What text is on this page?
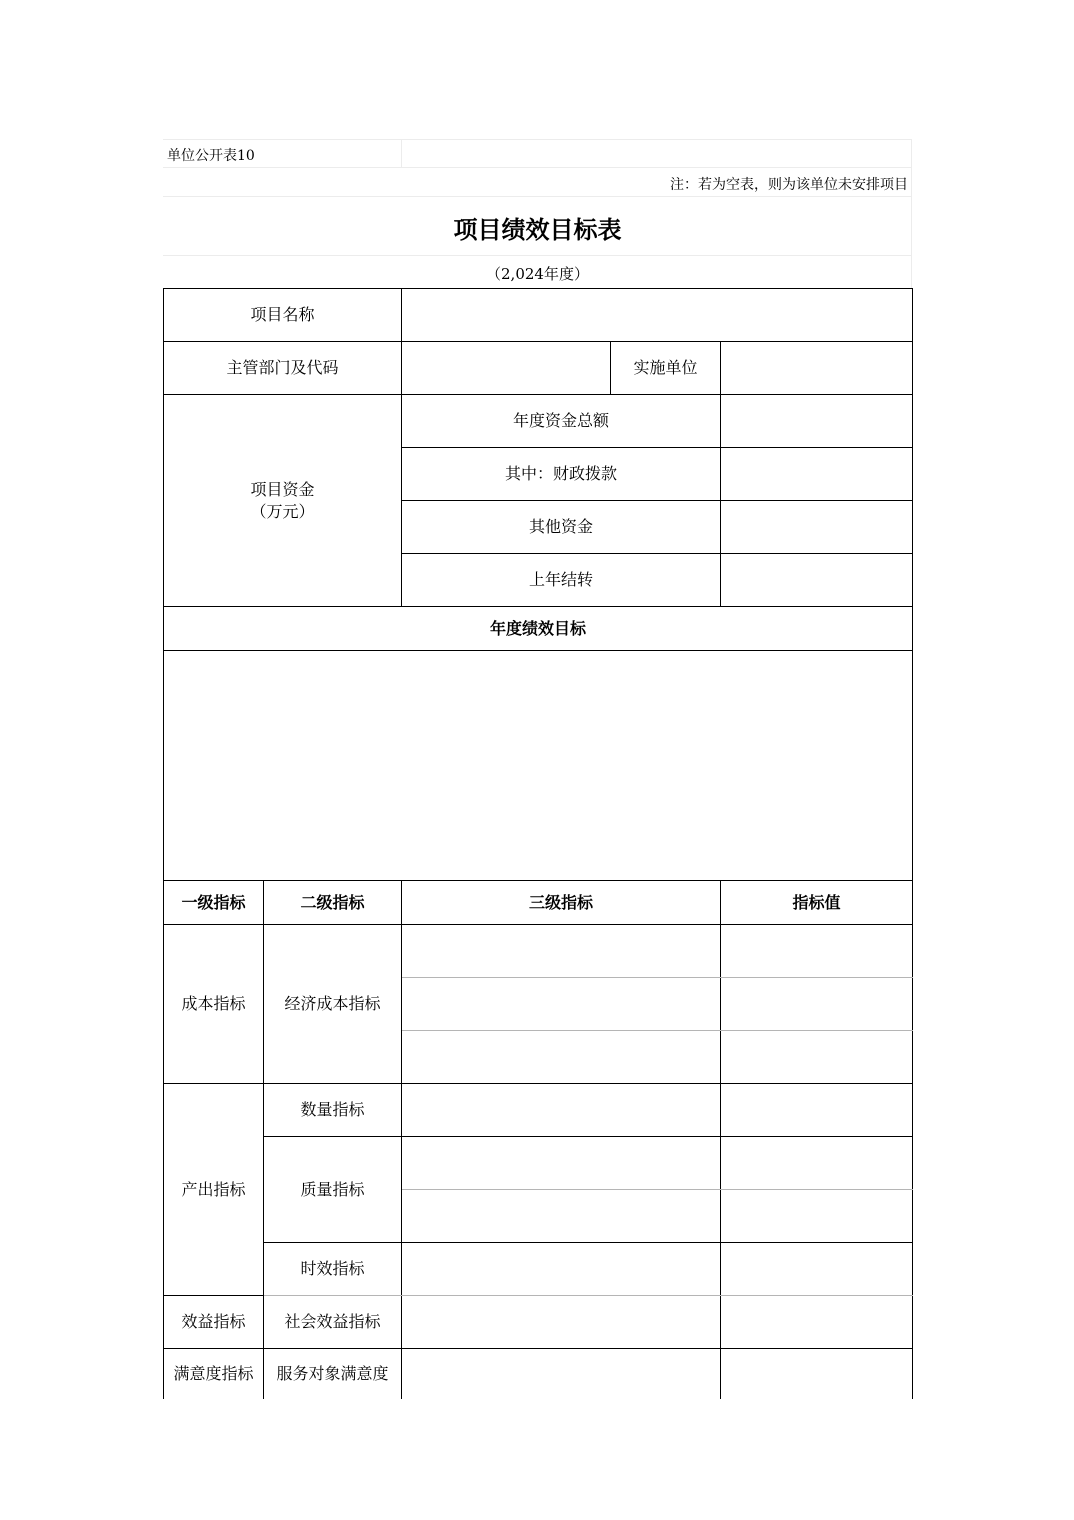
单位公开表10
注：若为空表，则为该单位未安排项目
项目绩效目标表
（2,024年度）
项目名称				
主管部门及代码			实施单位	

项目资金
（万元）		年度资金总额		
		其中：财政拨款		
		其他资金		
		上年结转		
年度绩效目标				

一级指标	二级指标	三级指标		指标值
成本指标	经济成本指标			

产出指标	数量指标			
	质量指标			

	时效指标			
效益指标	社会效益指标			
满意度指标	服务对象满意度			
